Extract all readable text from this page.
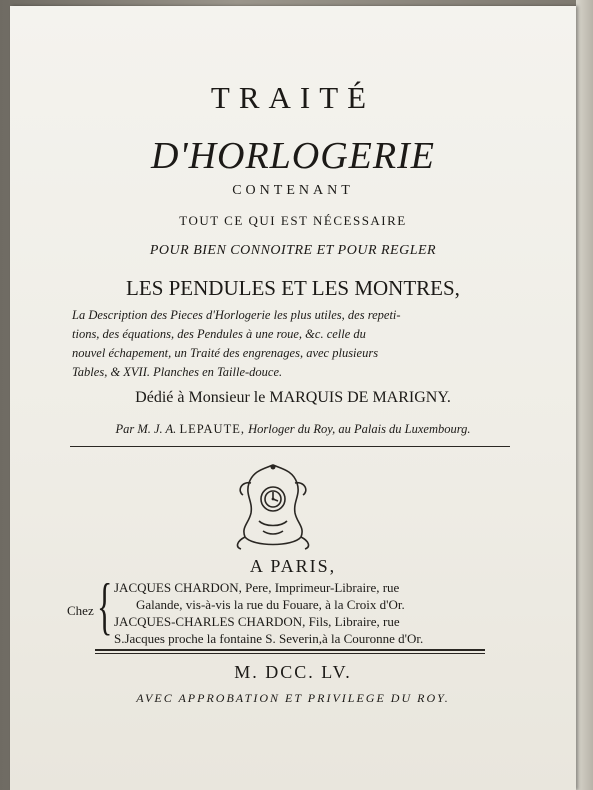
TRAITÉ
D'HORLOGERIE
CONTENANT
TOUT CE QUI EST NÉCESSAIRE
POUR BIEN CONNOITRE ET POUR REGLER
LES PENDULES ET LES MONTRES,

La Description des Pieces d'Horlogerie les plus utiles, des repeti-

tions, des équations, des Pendules à une roue, &c. celle du

nouvel échapement, un Traité des engrenages, avec plusieurs

Tables, & XVII. Planches en Taille-douce.

Dédié à Monsieur le MARQUIS DE MARIGNY.
Par M. J. A. LEPAUTE, Horloger du Roy, au Palais du Luxembourg.
A PARIS,
Chez { JACQUES CHARDON, Pere, Imprimeur-Libraire, rue

Galande, vis-à-vis la rue du Fouare, à la Croix d'Or.

JACQUES-CHARLES CHARDON, Fils, Libraire, rue

S.Jacques proche la fontaine S. Severin,à la Couronne d'Or.

M. DCC. LV.
AVEC APPROBATION ET PRIVILEGE DU ROY.
